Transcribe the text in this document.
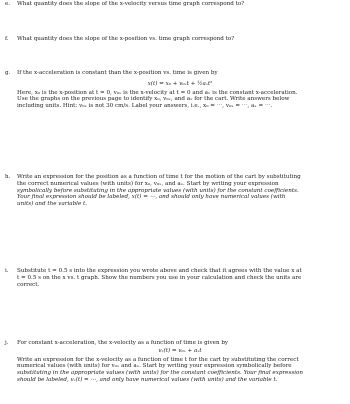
e.	What quantity does the slope of the x-velocity versus time graph correspond to?

f.	What quantity does the slope of the x-position vs. time graph correspond to?

g.	If the x-acceleration is constant than the x-position vs. time is given by

x(t) = x₀ + v₀ₓt + ½aₓt²

Here, x₀ is the x-position at t = 0, v₀ₓ is the x-velocity at t = 0 and aₓ is the constant x-acceleration.

Use the graphs on the previous page to identify x₀, v₀ₓ, and aₓ for the cart. Write answers below

including units. Hint: v₀ₓ is not 30 cm/s. Label your answers, i.e., x₀ = ⋯, v₀ₓ = ⋯, aₓ = ⋯.

h.	Write an expression for the position as a function of time t for the motion of the cart by substituting

the correct numerical values (with units) for x₀, v₀ₓ, and aₓ. Start by writing your expression

symbolically before substituting in the appropriate values (with units) for the constant coefficients.

Your final expression should be labeled, x(t) = ⋯, and should only have numerical values (with

units) and the variable t.

i.	Substitute t = 0.5 s into the expression you wrote above and check that it agrees with the value x at

t = 0.5 s on the x vs. t graph. Show the numbers you use in your calculation and check the units are

correct.

j.	For constant x-acceleration, the x-velocity as a function of time is given by

vₓ(t) = v₀ₓ + aₓt

Write an expression for the x-velocity as a function of time t for the cart by substituting the correct

numerical values (with units) for v₀ₓ and aₓ. Start by writing your expression symbolically before

substituting in the appropriate values (with units) for the constant coefficients. Your final expression

should be labeled, vₓ(t) = ⋯, and only have numerical values (with units) and the variable t.
